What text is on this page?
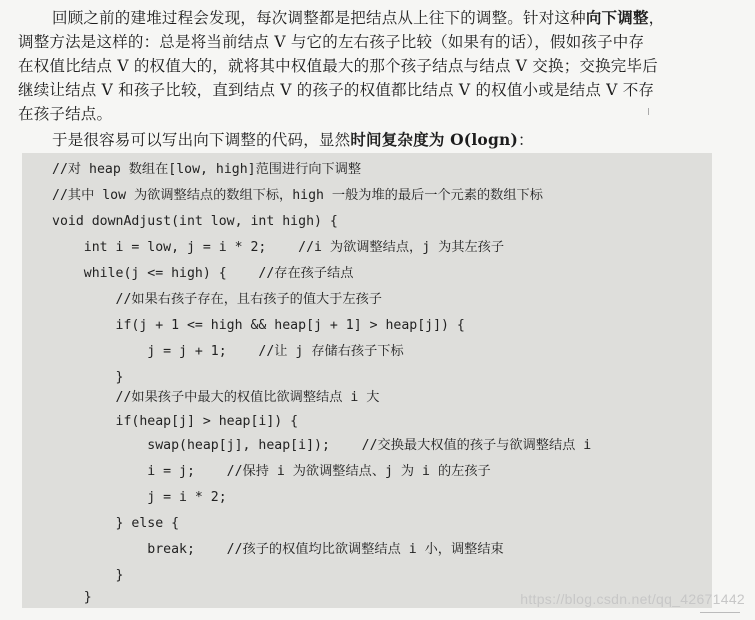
回顾之前的建堆过程会发现，每次调整都是把结点从上往下的调整。针对这种向下调整，
调整方法是这样的：总是将当前结点 V 与它的左右孩子比较（如果有的话），假如孩子中存
在权值比结点 V 的权值大的，就将其中权值最大的那个孩子结点与结点 V 交换；交换完毕后
继续让结点 V 和孩子比较，直到结点 V 的孩子的权值都比结点 V 的权值小或是结点 V 不存
在孩子结点。
于是很容易可以写出向下调整的代码，显然时间复杂度为 O(logn)：
//对 heap 数组在[low, high]范围进行向下调整
//其中 low 为欲调整结点的数组下标，high 一般为堆的最后一个元素的数组下标
void downAdjust(int low, int high) {
int i = low, j = i * 2;    //i 为欲调整结点，j 为其左孩子
while(j <= high) {    //存在孩子结点
//如果右孩子存在，且右孩子的值大于左孩子
if(j + 1 <= high && heap[j + 1] > heap[j]) {
j = j + 1;    //让 j 存储右孩子下标
}
//如果孩子中最大的权值比欲调整结点 i 大
if(heap[j] > heap[i]) {
swap(heap[j], heap[i]);    //交换最大权值的孩子与欲调整结点 i
i = j;    //保持 i 为欲调整结点、j 为 i 的左孩子
j = i * 2;
} else {
break;    //孩子的权值均比欲调整结点 i 小，调整结束
}
}	https://blog.csdn.net/qq_42671442
